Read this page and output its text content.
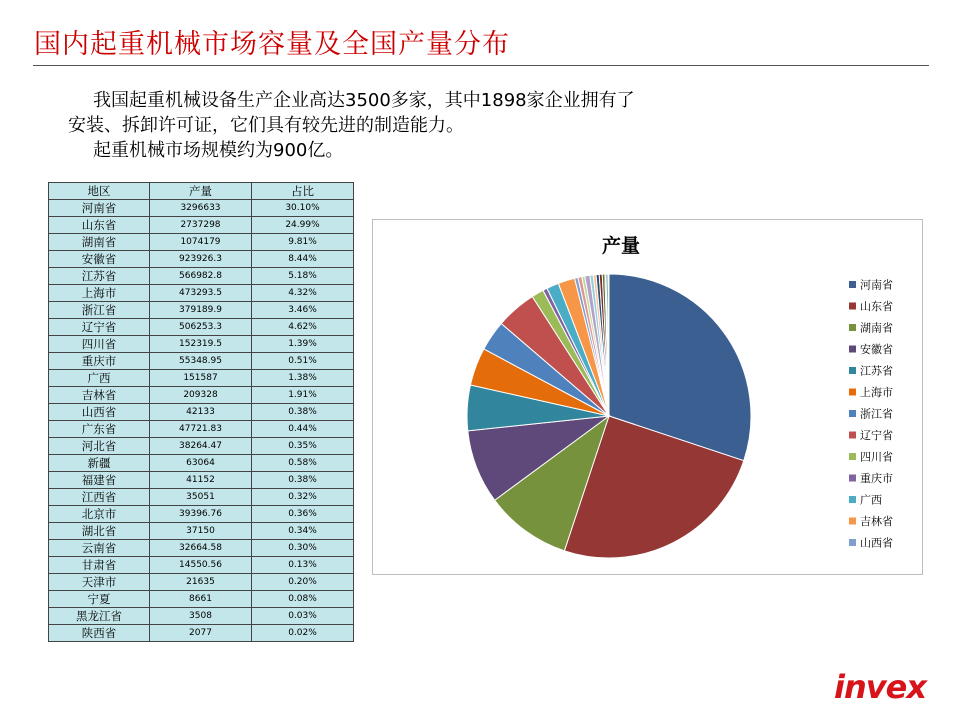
国内起重机械市场容量及全国产量分布
我国起重机械设备生产企业高达3500多家，其中1898家企业拥有了
安装、拆卸许可证，它们具有较先进的制造能力。
起重机械市场规模约为900亿。
地区	产量	占比
河南省	3296633	30.10%
山东省	2737298	24.99%
湖南省	1074179	9.81%
安徽省	923926.3	8.44%
江苏省	566982.8	5.18%
上海市	473293.5	4.32%
浙江省	379189.9	3.46%
辽宁省	506253.3	4.62%
四川省	152319.5	1.39%
重庆市	55348.95	0.51%
广西	151587	1.38%
吉林省	209328	1.91%
山西省	42133	0.38%
广东省	47721.83	0.44%
河北省	38264.47	0.35%
新疆	63064	0.58%
福建省	41152	0.38%
江西省	35051	0.32%
北京市	39396.76	0.36%
湖北省	37150	0.34%
云南省	32664.58	0.30%
甘肃省	14550.56	0.13%
天津市	21635	0.20%
宁夏	8661	0.08%
黑龙江省	3508	0.03%
陕西省	2077	0.02%
产量
河南省
山东省
湖南省
安徽省
江苏省
上海市
浙江省
辽宁省
四川省
重庆市
广西
吉林省
山西省
invex
